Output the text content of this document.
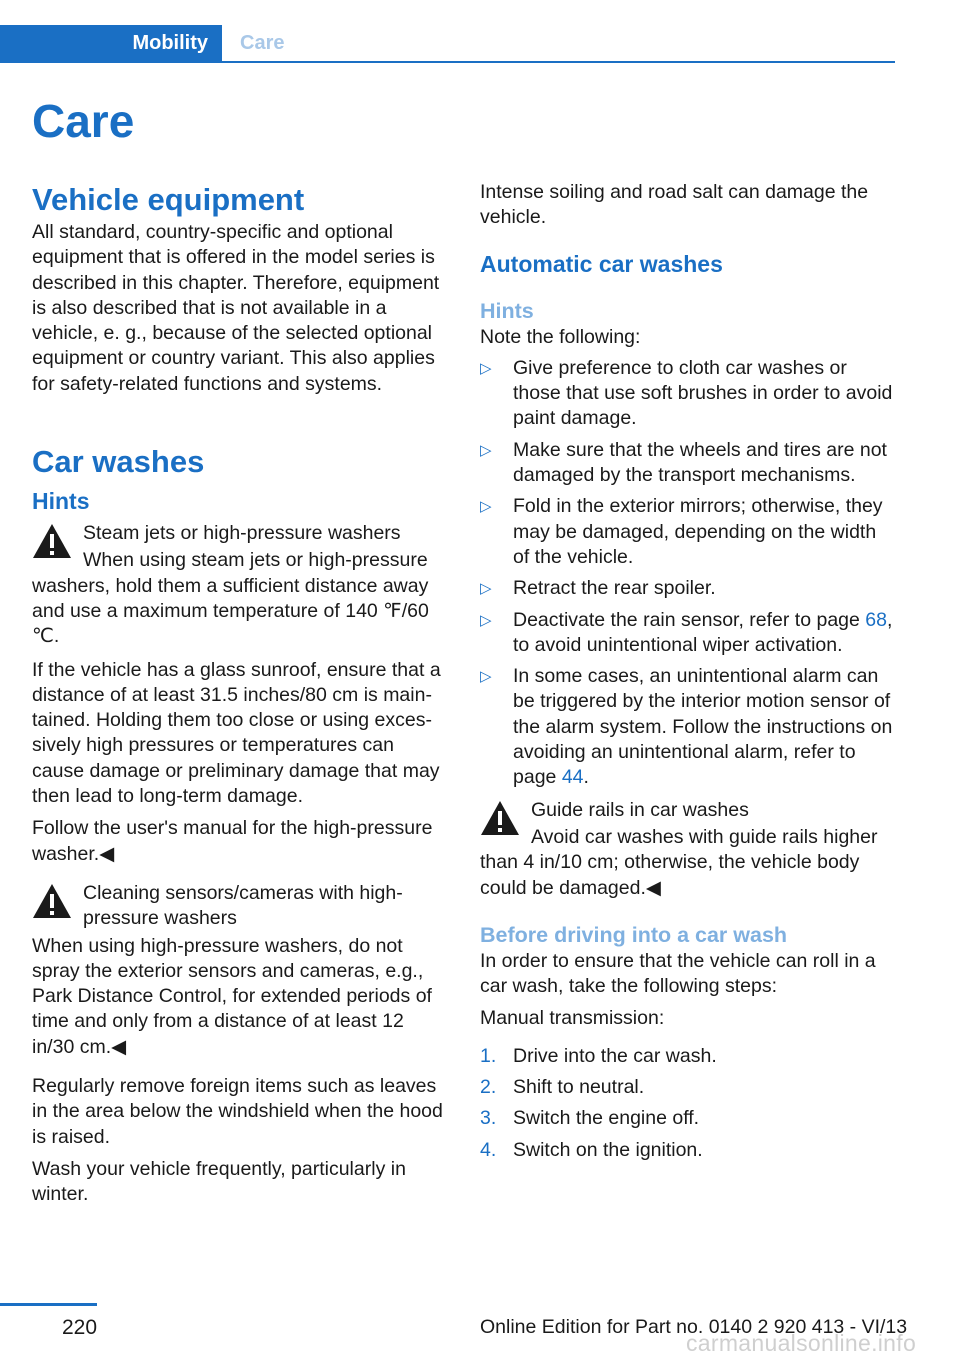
Mobility	Care
Care
Vehicle equipment

All standard, country-specific and optional equipment that is offered in the model series is described in this chapter. Therefore, equipment is also described that is not available in a vehicle, e. g., because of the selected optional equipment or country variant. This also applies for safety-related functions and systems.

Car washes
Hints

Steam jets or high-pressure washers

When using steam jets or high-pressure washers, hold them a sufficient distance away and use a maximum temperature of 140 ℉/60 ℃.

If the vehicle has a glass sunroof, ensure that a distance of at least 31.5 inches/80 cm is maintained. Holding them too close or using excessively high pressures or temperatures can cause damage or preliminary damage that may then lead to long-term damage.

Follow the user's manual for the high-pressure washer.◀

Cleaning sensors/cameras with high-pressure washers

When using high-pressure washers, do not spray the exterior sensors and cameras, e.g., Park Distance Control, for extended periods of time and only from a distance of at least 12 in/30 cm.◀

Regularly remove foreign items such as leaves in the area below the windshield when the hood is raised.

Wash your vehicle frequently, particularly in winter.

Intense soiling and road salt can damage the vehicle.

Automatic car washes
Hints

Note the following:

▷ Give preference to cloth car washes or those that use soft brushes in order to avoid paint damage.
▷ Make sure that the wheels and tires are not damaged by the transport mechanisms.
▷ Fold in the exterior mirrors; otherwise, they may be damaged, depending on the width of the vehicle.
▷ Retract the rear spoiler.
▷ Deactivate the rain sensor, refer to page 68, to avoid unintentional wiper activation.
▷ In some cases, an unintentional alarm can be triggered by the interior motion sensor of the alarm system. Follow the instructions on avoiding an unintentional alarm, refer to page 44.

Guide rails in car washes

Avoid car washes with guide rails higher than 4 in/10 cm; otherwise, the vehicle body could be damaged.◀

Before driving into a car wash

In order to ensure that the vehicle can roll in a car wash, take the following steps:

Manual transmission:

1. Drive into the car wash.
2. Shift to neutral.
3. Switch the engine off.
4. Switch on the ignition.
220	Online Edition for Part no. 0140 2 920 413 - VI/13
carmanualsonline.info
